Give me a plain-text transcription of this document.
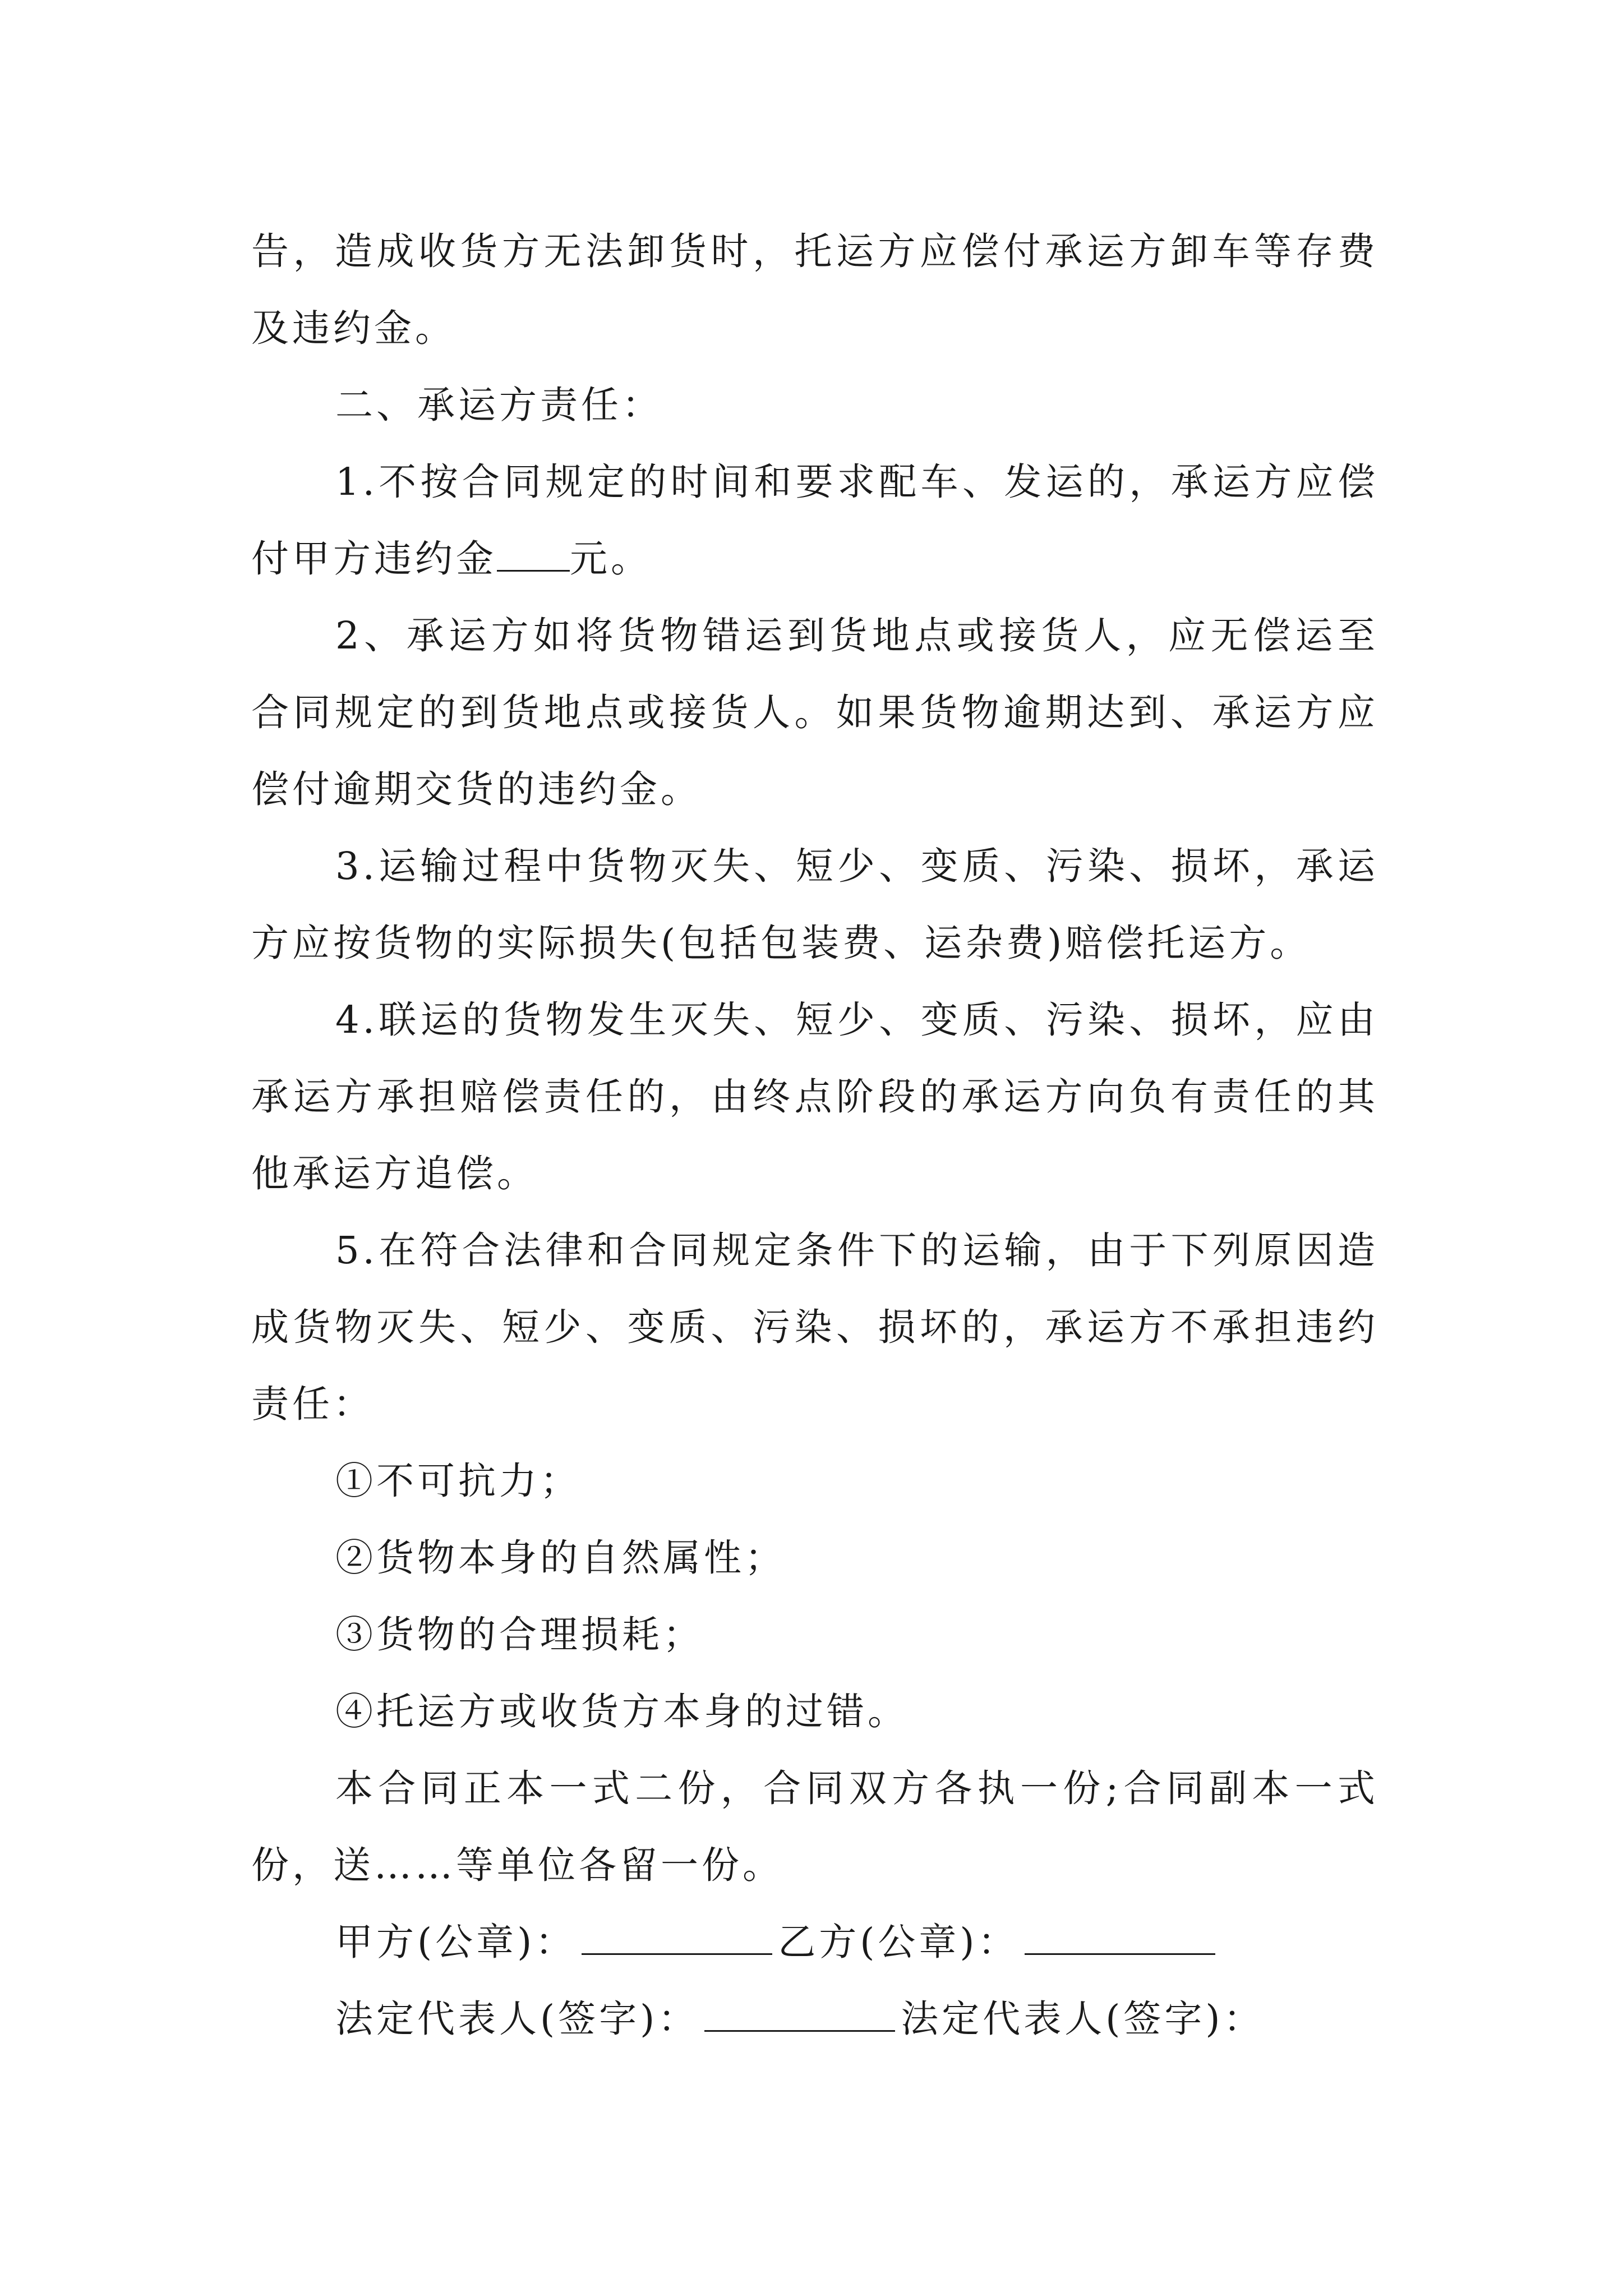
告，造成收货方无法卸货时，托运方应偿付承运方卸车等存费及违约金。

二、承运方责任：

1.不按合同规定的时间和要求配车、发运的，承运方应偿付甲方违约金 元。

2、承运方如将货物错运到货地点或接货人，应无偿运至合同规定的到货地点或接货人。如果货物逾期达到、承运方应偿付逾期交货的违约金。

3.运输过程中货物灭失、短少、变质、污染、损坏，承运方应按货物的实际损失(包括包装费、运杂费)赔偿托运方。

4.联运的货物发生灭失、短少、变质、污染、损坏，应由承运方承担赔偿责任的，由终点阶段的承运方向负有责任的其他承运方追偿。

5.在符合法律和合同规定条件下的运输，由于下列原因造成货物灭失、短少、变质、污染、损坏的，承运方不承担违约责任：

①不可抗力；

②货物本身的自然属性；

③货物的合理损耗；

④托运方或收货方本身的过错。

本合同正本一式二份，合同双方各执一份;合同副本一式 份，送……等单位各留一份。

甲方(公章)：	乙方(公章)：
法定代表人(签字)：	法定代表人(签字)：
